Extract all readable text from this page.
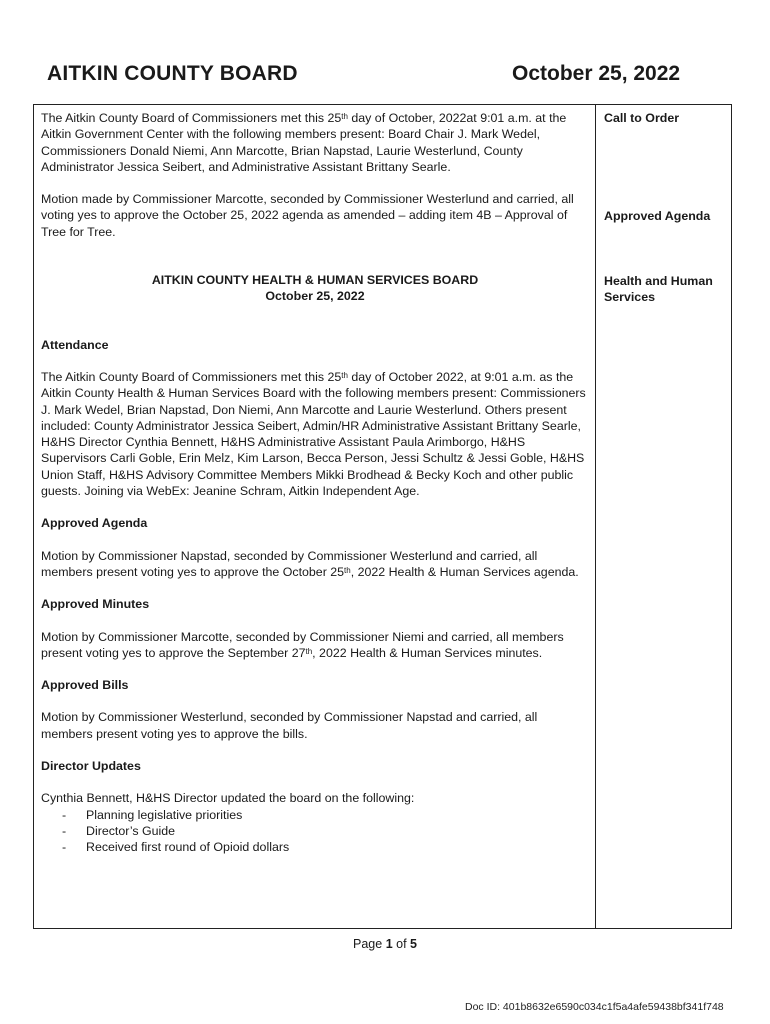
AITKIN COUNTY BOARD	October 25, 2022
Call to Order
Approved Agenda
Health and Human Services

The Aitkin County Board of Commissioners met this 25th day of October, 2022at 9:01 a.m. at the Aitkin Government Center with the following members present: Board Chair J. Mark Wedel, Commissioners Donald Niemi, Ann Marcotte, Brian Napstad, Laurie Westerlund, County Administrator Jessica Seibert, and Administrative Assistant Brittany Searle.

Motion made by Commissioner Marcotte, seconded by Commissioner Westerlund and carried, all voting yes to approve the October 25, 2022 agenda as amended – adding item 4B – Approval of Tree for Tree.

AITKIN COUNTY HEALTH & HUMAN SERVICES BOARD

October 25, 2022

Attendance

The Aitkin County Board of Commissioners met this 25th day of October 2022, at 9:01 a.m. as the Aitkin County Health & Human Services Board with the following members present: Commissioners J. Mark Wedel, Brian Napstad, Don Niemi, Ann Marcotte and Laurie Westerlund. Others present included: County Administrator Jessica Seibert, Admin/HR Administrative Assistant Brittany Searle, H&HS Director Cynthia Bennett, H&HS Administrative Assistant Paula Arimborgo, H&HS Supervisors Carli Goble, Erin Melz, Kim Larson, Becca Person, Jessi Schultz & Jessi Goble, H&HS Union Staff, H&HS Advisory Committee Members Mikki Brodhead & Becky Koch and other public guests. Joining via WebEx: Jeanine Schram, Aitkin Independent Age.

Approved Agenda

Motion by Commissioner Napstad, seconded by Commissioner Westerlund and carried, all members present voting yes to approve the October 25th, 2022 Health & Human Services agenda.

Approved Minutes

Motion by Commissioner Marcotte, seconded by Commissioner Niemi and carried, all members present voting yes to approve the September 27th, 2022 Health & Human Services minutes.

Approved Bills

Motion by Commissioner Westerlund, seconded by Commissioner Napstad and carried, all members present voting yes to approve the bills.

Director Updates

Cynthia Bennett, H&HS Director updated the board on the following:

- Planning legislative priorities
- Director’s Guide
- Received first round of Opioid dollars
Page 1 of 5
Doc ID: 401b8632e6590c034c1f5a4afe59438bf341f748
